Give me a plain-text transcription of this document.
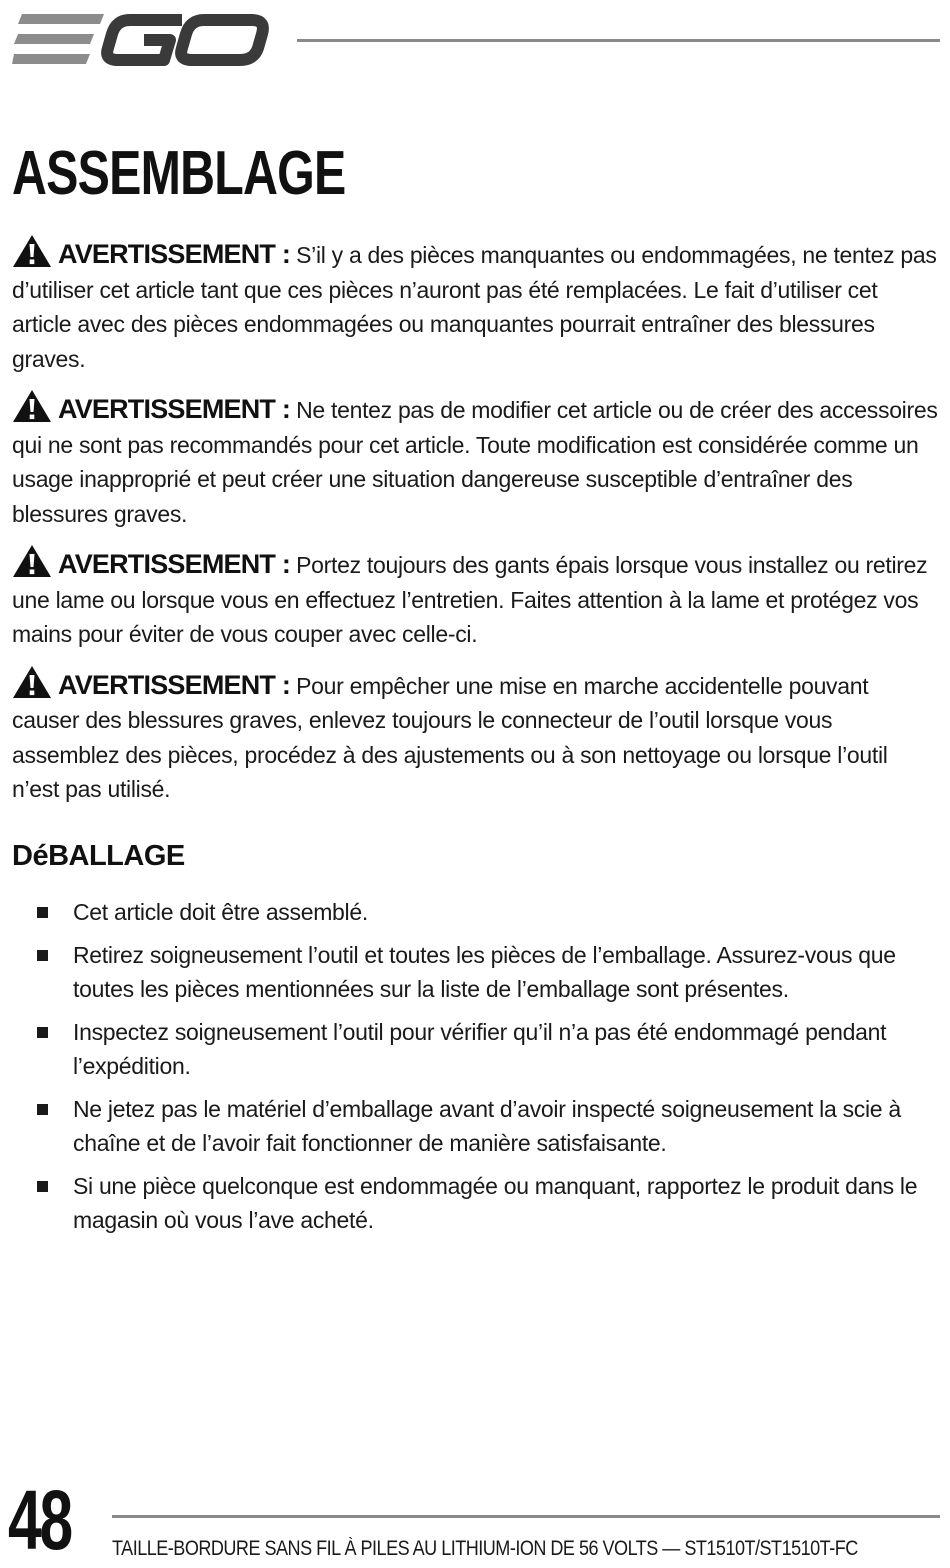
ASSEMBLAGE

AVERTISSEMENT : S’il y a des pièces manquantes ou endommagées, ne tentez pas d’utiliser cet article tant que ces pièces n’auront pas été remplacées. Le fait d’utiliser cet article avec des pièces endommagées ou manquantes pourrait entraîner des blessures graves.

AVERTISSEMENT : Ne tentez pas de modifier cet article ou de créer des accessoires qui ne sont pas recommandés pour cet article. Toute modification est considérée comme un usage inapproprié et peut créer une situation dangereuse susceptible d’entraîner des blessures graves.

AVERTISSEMENT : Portez toujours des gants épais lorsque vous installez ou retirez une lame ou lorsque vous en effectuez l’entretien. Faites attention à la lame et protégez vos mains pour éviter de vous couper avec celle-ci.

AVERTISSEMENT : Pour empêcher une mise en marche accidentelle pouvant causer des blessures graves, enlevez toujours le connecteur de l’outil lorsque vous assemblez des pièces, procédez à des ajustements ou à son nettoyage ou lorsque l’outil n’est pas utilisé.

DéBALLAGE
Cet article doit être assemblé.
Retirez soigneusement l’outil et toutes les pièces de l’emballage. Assurez-vous que toutes les pièces mentionnées sur la liste de l’emballage sont présentes.
Inspectez soigneusement l’outil pour vérifier qu’il n’a pas été endommagé pendant l’expédition.
Ne jetez pas le matériel d’emballage avant d’avoir inspecté soigneusement la scie à chaîne et de l’avoir fait fonctionner de manière satisfaisante.
Si une pièce quelconque est endommagée ou manquant, rapportez le produit dans le magasin où vous l’ave acheté.
48 TAILLE-BORDURE SANS FIL À PILES AU LITHIUM-ION DE 56 VOLTS — ST1510T/ST1510T-FC
